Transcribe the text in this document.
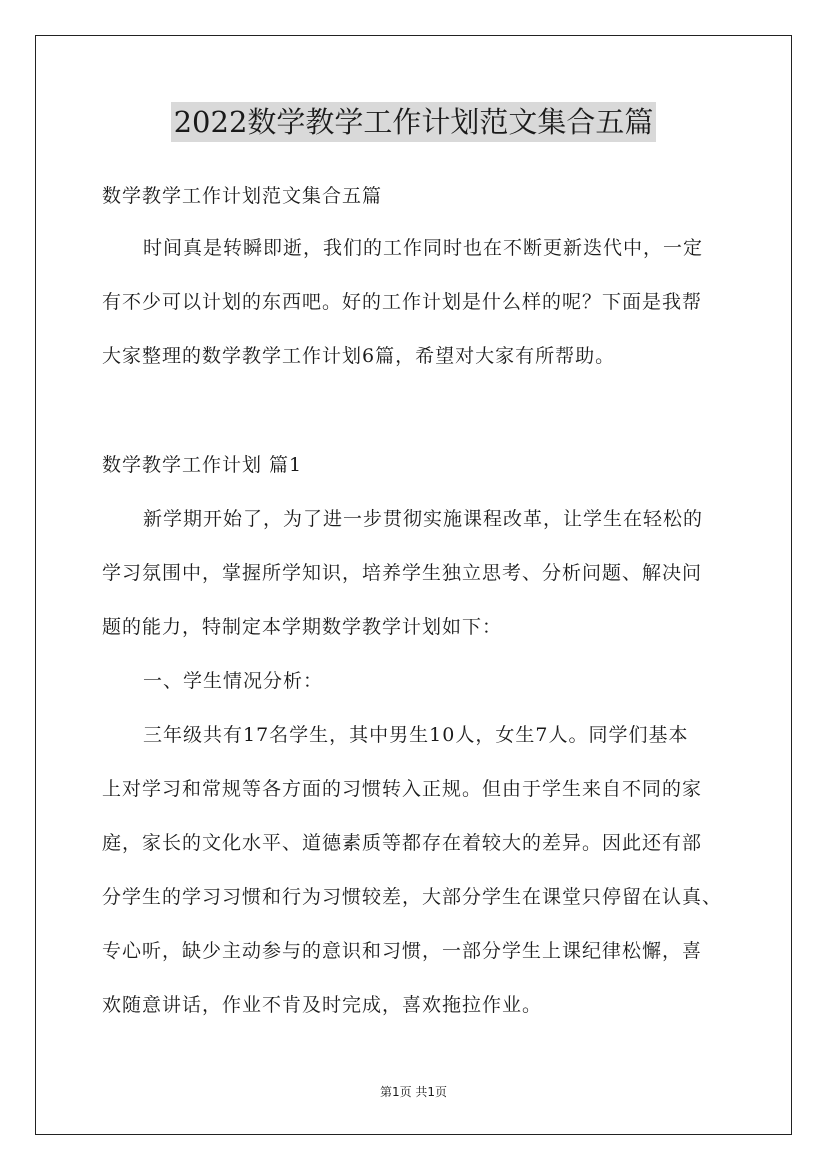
2022数学教学工作计划范文集合五篇
数学教学工作计划范文集合五篇
时间真是转瞬即逝，我们的工作同时也在不断更新迭代中，一定
有不少可以计划的东西吧。好的工作计划是什么样的呢？下面是我帮
大家整理的数学教学工作计划6篇，希望对大家有所帮助。
数学教学工作计划 篇1
新学期开始了，为了进一步贯彻实施课程改革，让学生在轻松的
学习氛围中，掌握所学知识，培养学生独立思考、分析问题、解决问
题的能力，特制定本学期数学教学计划如下：
一、学生情况分析：
三年级共有17名学生，其中男生10人，女生7人。同学们基本
上对学习和常规等各方面的习惯转入正规。但由于学生来自不同的家
庭，家长的文化水平、道德素质等都存在着较大的差异。因此还有部
分学生的学习习惯和行为习惯较差，大部分学生在课堂只停留在认真、
专心听，缺少主动参与的意识和习惯，一部分学生上课纪律松懈，喜
欢随意讲话，作业不肯及时完成，喜欢拖拉作业。
第1页 共1页
